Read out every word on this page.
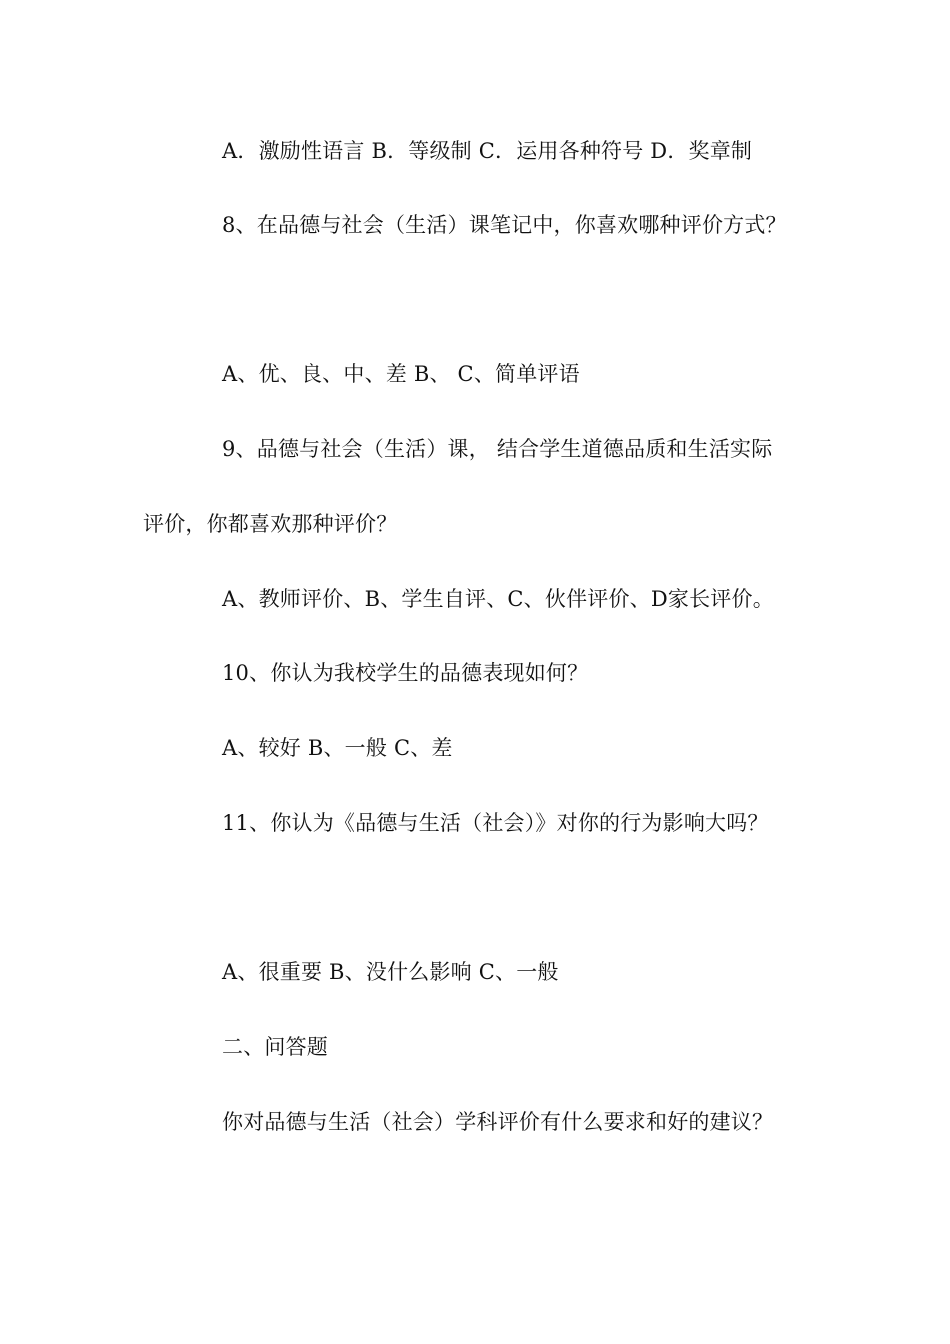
A．激励性语言 B．等级制 C．运用各种符号 D．奖章制
8、在品德与社会（生活）课笔记中，你喜欢哪种评价方式？
A、优、良、中、差 B、 C、简单评语
9、品德与社会（生活）课， 结合学生道德品质和生活实际
评价，你都喜欢那种评价？
A、教师评价、B、学生自评、C、伙伴评价、D家长评价。
10、你认为我校学生的品德表现如何？
A、较好 B、一般 C、差
11、你认为《品德与生活（社会）》对你的行为影响大吗？
A、很重要 B、没什么影响 C、一般
二、问答题
你对品德与生活（社会）学科评价有什么要求和好的建议？
